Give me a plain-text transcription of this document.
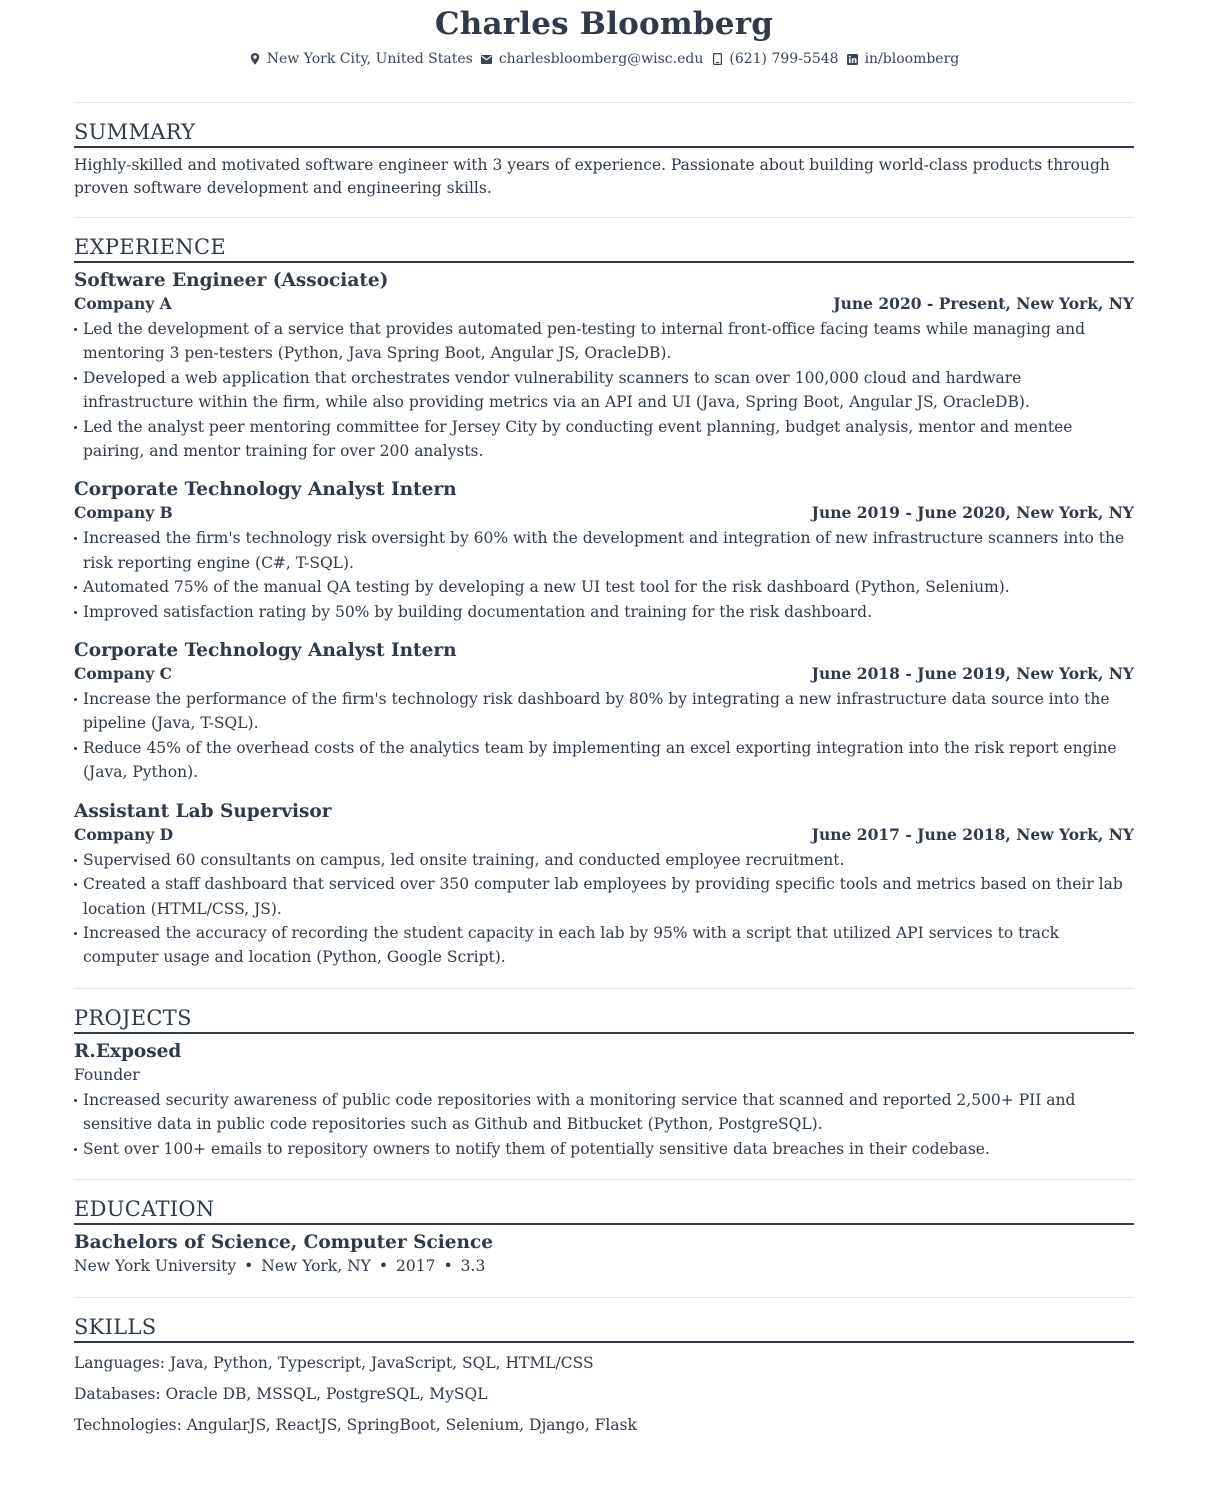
Charles Bloomberg
New York City, United States charlesbloomberg@wisc.edu (621) 799-5548 in/bloomberg
SUMMARY
Highly-skilled and motivated software engineer with 3 years of experience. Passionate about building world-class products through proven software development and engineering skills.
EXPERIENCE
Software Engineer (Associate)
Company A	June 2020 - Present, New York, NY
Led the development of a service that provides automated pen-testing to internal front-office facing teams while managing and mentoring 3 pen-testers (Python, Java Spring Boot, Angular JS, OracleDB).
Developed a web application that orchestrates vendor vulnerability scanners to scan over 100,000 cloud and hardware infrastructure within the firm, while also providing metrics via an API and UI (Java, Spring Boot, Angular JS, OracleDB).
Led the analyst peer mentoring committee for Jersey City by conducting event planning, budget analysis, mentor and mentee pairing, and mentor training for over 200 analysts.
Corporate Technology Analyst Intern
Company B	June 2019 - June 2020, New York, NY
Increased the firm's technology risk oversight by 60% with the development and integration of new infrastructure scanners into the risk reporting engine (C#, T-SQL).
Automated 75% of the manual QA testing by developing a new UI test tool for the risk dashboard (Python, Selenium).
Improved satisfaction rating by 50% by building documentation and training for the risk dashboard.
Corporate Technology Analyst Intern
Company C	June 2018 - June 2019, New York, NY
Increase the performance of the firm's technology risk dashboard by 80% by integrating a new infrastructure data source into the pipeline (Java, T-SQL).
Reduce 45% of the overhead costs of the analytics team by implementing an excel exporting integration into the risk report engine (Java, Python).
Assistant Lab Supervisor
Company D	June 2017 - June 2018, New York, NY
Supervised 60 consultants on campus, led onsite training, and conducted employee recruitment.
Created a staff dashboard that serviced over 350 computer lab employees by providing specific tools and metrics based on their lab location (HTML/CSS, JS).
Increased the accuracy of recording the student capacity in each lab by 95% with a script that utilized API services to track computer usage and location (Python, Google Script).
PROJECTS
R.Exposed
Founder
Increased security awareness of public code repositories with a monitoring service that scanned and reported 2,500+ PII and sensitive data in public code repositories such as Github and Bitbucket (Python, PostgreSQL).
Sent over 100+ emails to repository owners to notify them of potentially sensitive data breaches in their codebase.
EDUCATION
Bachelors of Science, Computer Science
New York University • New York, NY • 2017 • 3.3
SKILLS
Languages: Java, Python, Typescript, JavaScript, SQL, HTML/CSS
Databases: Oracle DB, MSSQL, PostgreSQL, MySQL
Technologies: AngularJS, ReactJS, SpringBoot, Selenium, Django, Flask
